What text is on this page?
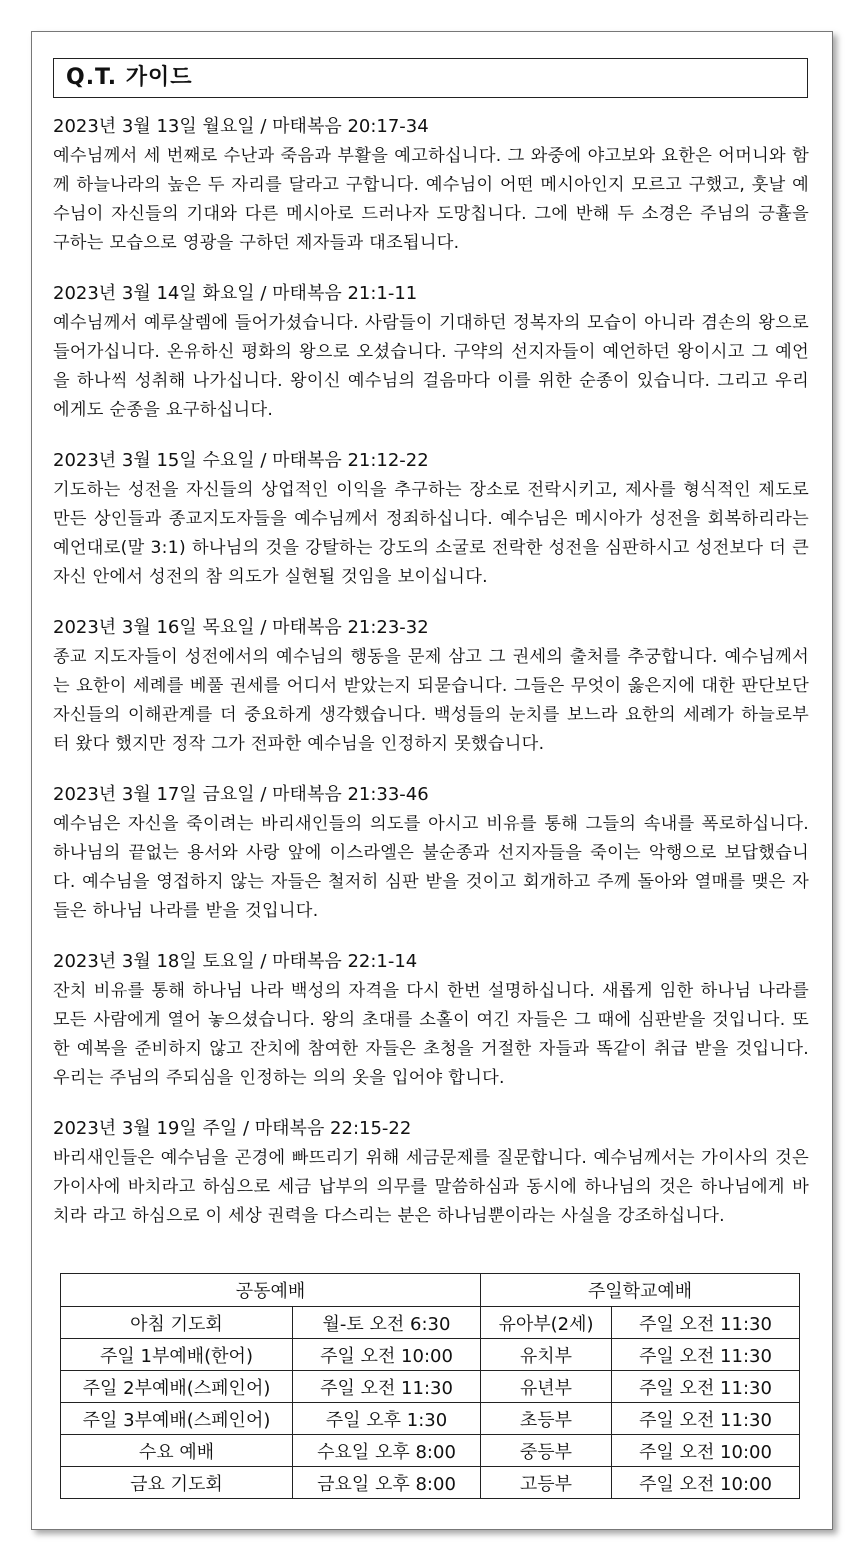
Q.T. 가이드
2023년 3월 13일 월요일 / 마태복음 20:17-34
예수님께서 세 번째로 수난과 죽음과 부활을 예고하십니다. 그 와중에 야고보와 요한은 어머니와 함께 하늘나라의 높은 두 자리를 달라고 구합니다. 예수님이 어떤 메시아인지 모르고 구했고, 훗날 예수님이 자신들의 기대와 다른 메시아로 드러나자 도망칩니다. 그에 반해 두 소경은 주님의 긍휼을 구하는 모습으로 영광을 구하던 제자들과 대조됩니다.
2023년 3월 14일 화요일 / 마태복음 21:1-11
예수님께서 예루살렘에 들어가셨습니다. 사람들이 기대하던 정복자의 모습이 아니라 겸손의 왕으로 들어가십니다. 온유하신 평화의 왕으로 오셨습니다. 구약의 선지자들이 예언하던 왕이시고 그 예언을 하나씩 성취해 나가십니다. 왕이신 예수님의 걸음마다 이를 위한 순종이 있습니다. 그리고 우리에게도 순종을 요구하십니다.
2023년 3월 15일 수요일 / 마태복음 21:12-22
기도하는 성전을 자신들의 상업적인 이익을 추구하는 장소로 전락시키고, 제사를 형식적인 제도로 만든 상인들과 종교지도자들을 예수님께서 정죄하십니다. 예수님은 메시아가 성전을 회복하리라는 예언대로(말 3:1) 하나님의 것을 강탈하는 강도의 소굴로 전락한 성전을 심판하시고 성전보다 더 큰 자신 안에서 성전의 참 의도가 실현될 것임을 보이십니다.
2023년 3월 16일 목요일 / 마태복음 21:23-32
종교 지도자들이 성전에서의 예수님의 행동을 문제 삼고 그 권세의 출처를 추궁합니다. 예수님께서는 요한이 세례를 베풀 권세를 어디서 받았는지 되묻습니다. 그들은 무엇이 옳은지에 대한 판단보단 자신들의 이해관계를 더 중요하게 생각했습니다. 백성들의 눈치를 보느라 요한의 세례가 하늘로부터 왔다 했지만 정작 그가 전파한 예수님을 인정하지 못했습니다.
2023년 3월 17일 금요일 / 마태복음 21:33-46
예수님은 자신을 죽이려는 바리새인들의 의도를 아시고 비유를 통해 그들의 속내를 폭로하십니다. 하나님의 끝없는 용서와 사랑 앞에 이스라엘은 불순종과 선지자들을 죽이는 악행으로 보답했습니다. 예수님을 영접하지 않는 자들은 철저히 심판 받을 것이고 회개하고 주께 돌아와 열매를 맺은 자들은 하나님 나라를 받을 것입니다.
2023년 3월 18일 토요일 / 마태복음 22:1-14
잔치 비유를 통해 하나님 나라 백성의 자격을 다시 한번 설명하십니다. 새롭게 임한 하나님 나라를 모든 사람에게 열어 놓으셨습니다. 왕의 초대를 소홀이 여긴 자들은 그 때에 심판받을 것입니다. 또한 예복을 준비하지 않고 잔치에 참여한 자들은 초청을 거절한 자들과 똑같이 취급 받을 것입니다. 우리는 주님의 주되심을 인정하는 의의 옷을 입어야 합니다.
2023년 3월 19일 주일 / 마태복음 22:15-22
바리새인들은 예수님을 곤경에 빠뜨리기 위해 세금문제를 질문합니다. 예수님께서는 가이사의 것은 가이사에 바치라고 하심으로 세금 납부의 의무를 말씀하심과 동시에 하나님의 것은 하나님에게 바치라 라고 하심으로 이 세상 권력을 다스리는 분은 하나님뿐이라는 사실을 강조하십니다.
공동예배		주일학교예배	
아침 기도회	월-토 오전 6:30	유아부(2세)	주일 오전 11:30
주일 1부예배(한어)	주일 오전 10:00	유치부	주일 오전 11:30
주일 2부예배(스페인어)	주일 오전 11:30	유년부	주일 오전 11:30
주일 3부예배(스페인어)	주일 오후 1:30	초등부	주일 오전 11:30
수요 예배	수요일 오후 8:00	중등부	주일 오전 10:00
금요 기도회	금요일 오후 8:00	고등부	주일 오전 10:00
